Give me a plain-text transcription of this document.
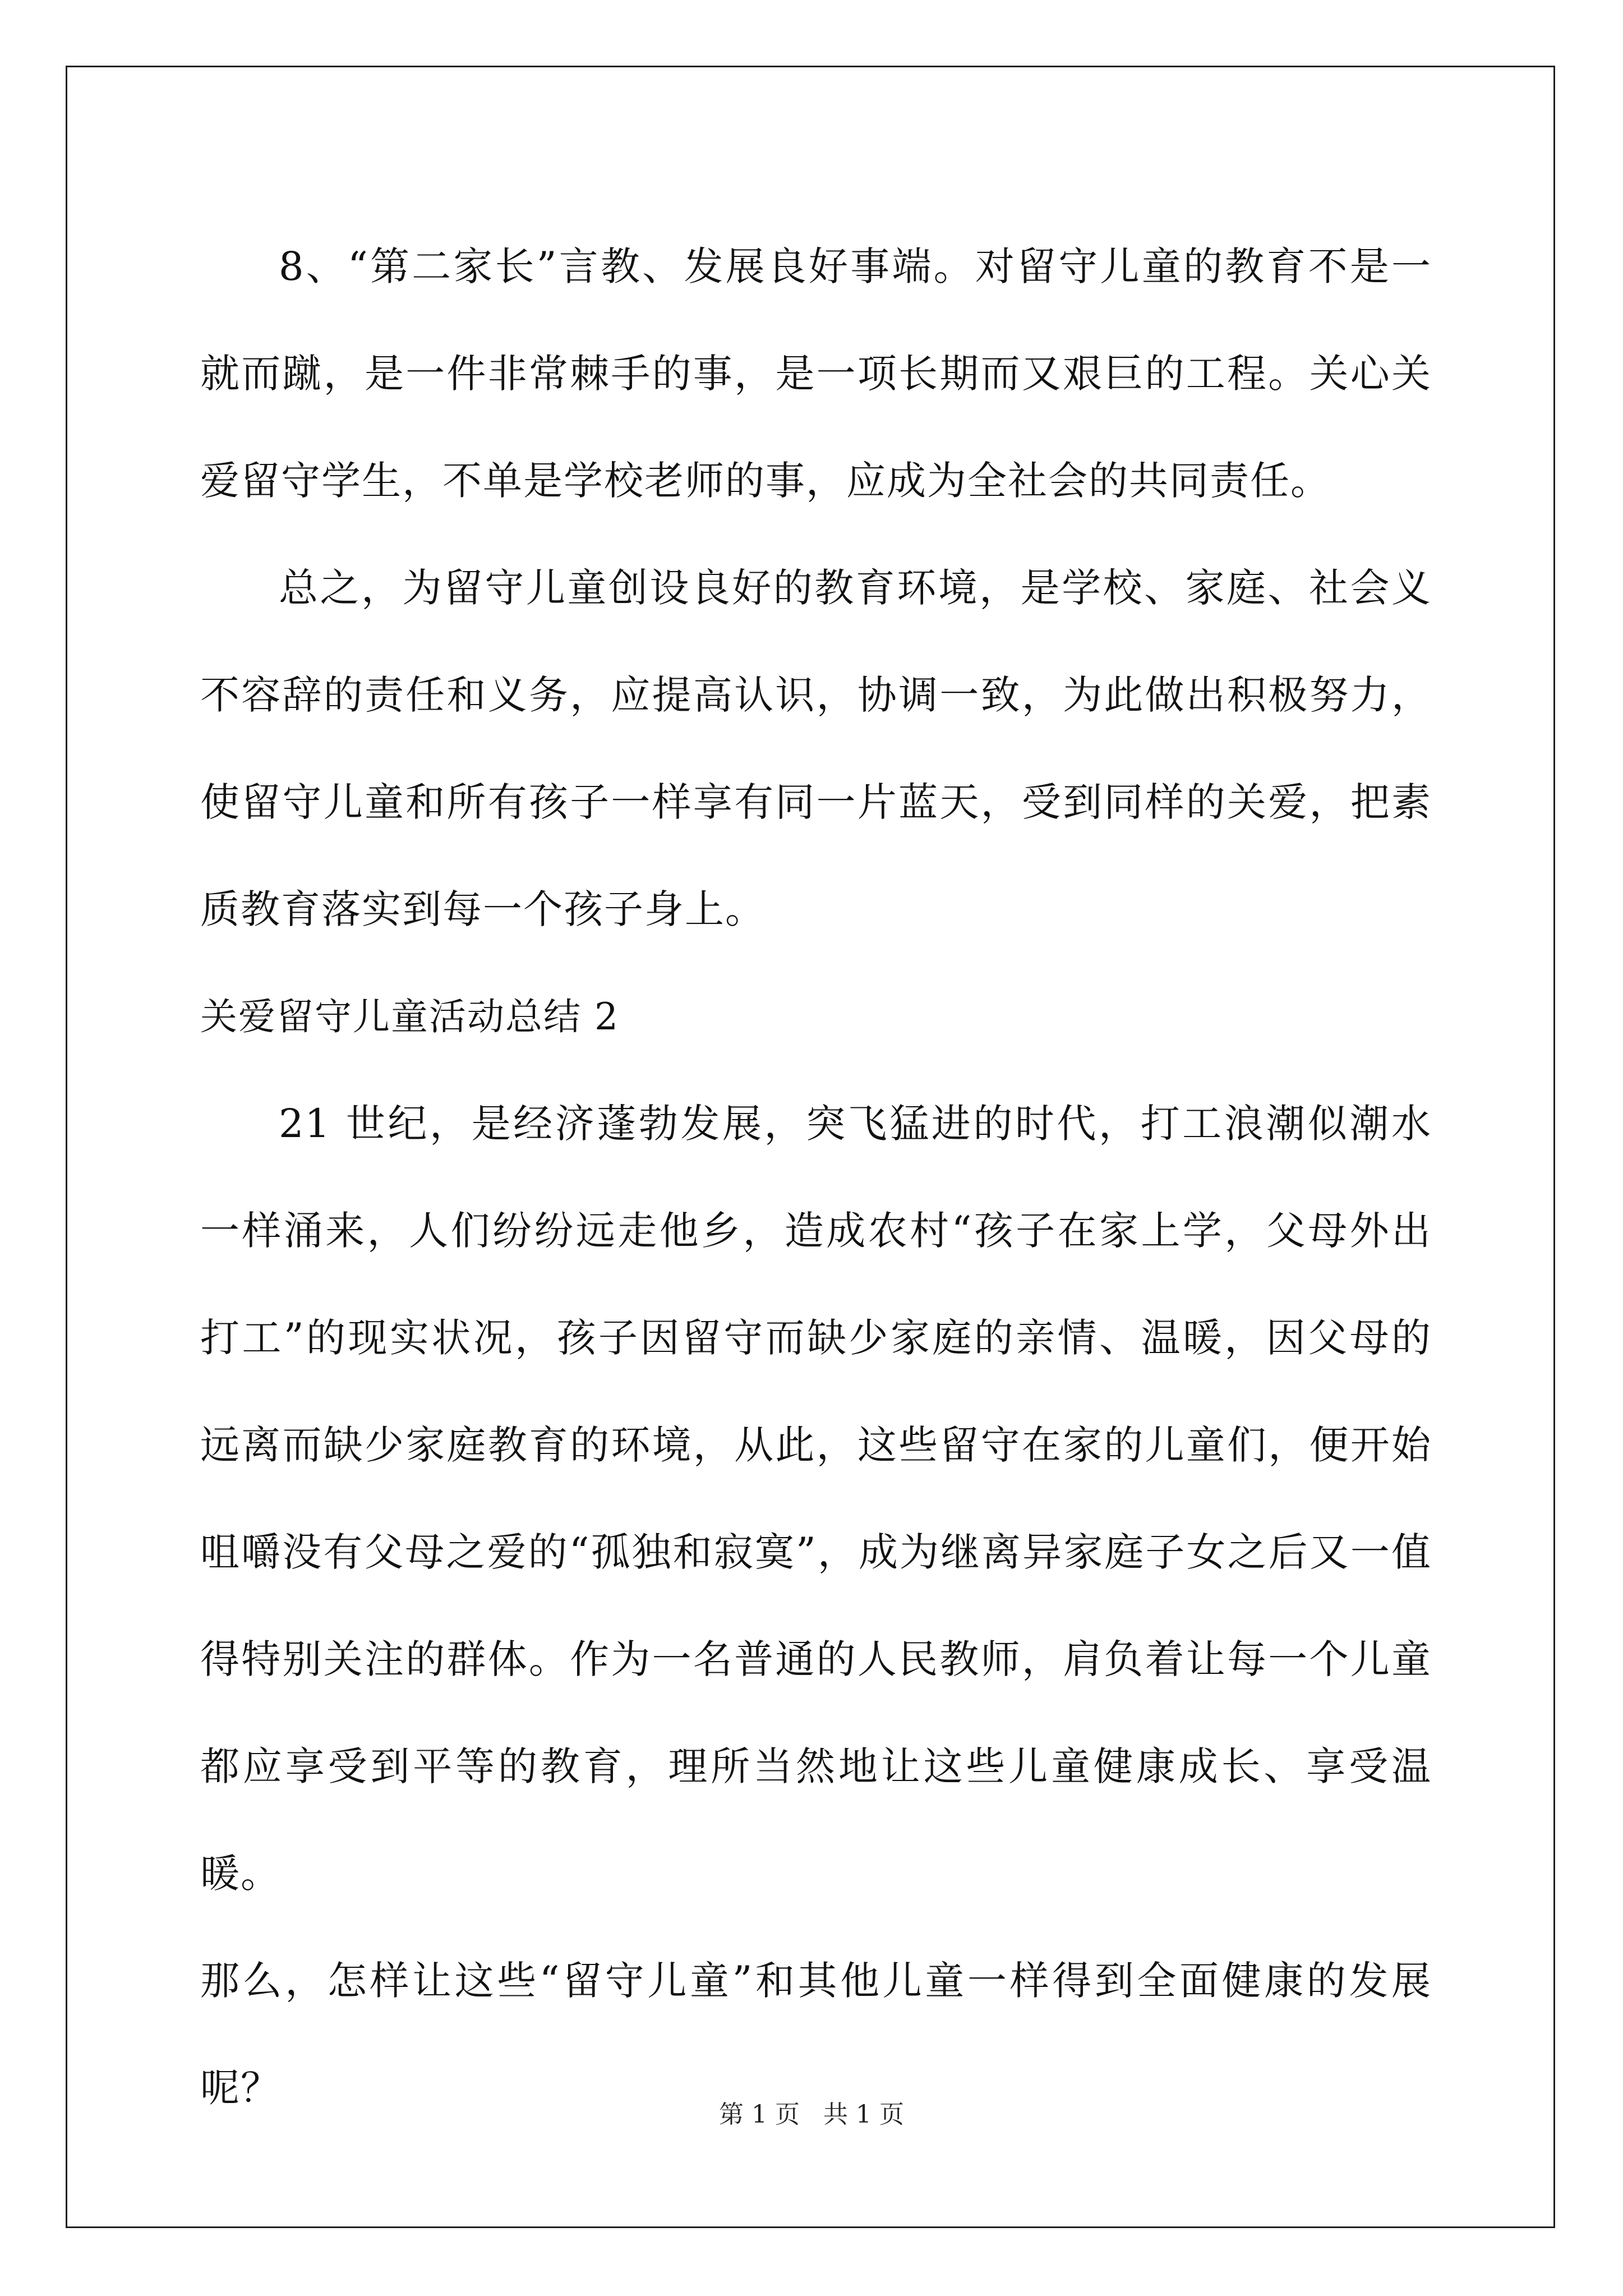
8、“第二家长”言教、发展良好事端。对留守儿童的教育不是一就而蹴，是一件非常棘手的事，是一项长期而又艰巨的工程。关心关爱留守学生，不单是学校老师的事，应成为全社会的共同责任。

总之，为留守儿童创设良好的教育环境，是学校、家庭、社会义不容辞的责任和义务，应提高认识，协调一致，为此做出积极努力，使留守儿童和所有孩子一样享有同一片蓝天，受到同样的关爱，把素质教育落实到每一个孩子身上。

关爱留守儿童活动总结 2

21 世纪，是经济蓬勃发展，突飞猛进的时代，打工浪潮似潮水一样涌来，人们纷纷远走他乡，造成农村“孩子在家上学，父母外出打工”的现实状况，孩子因留守而缺少家庭的亲情、温暖，因父母的远离而缺少家庭教育的环境，从此，这些留守在家的儿童们，便开始咀嚼没有父母之爱的“孤独和寂寞”，成为继离异家庭子女之后又一值得特别关注的群体。作为一名普通的人民教师，肩负着让每一个儿童都应享受到平等的教育，理所当然地让这些儿童健康成长、享受温暖。

那么，怎样让这些“留守儿童”和其他儿童一样得到全面健康的发展呢？

第 1 页 共 1 页
